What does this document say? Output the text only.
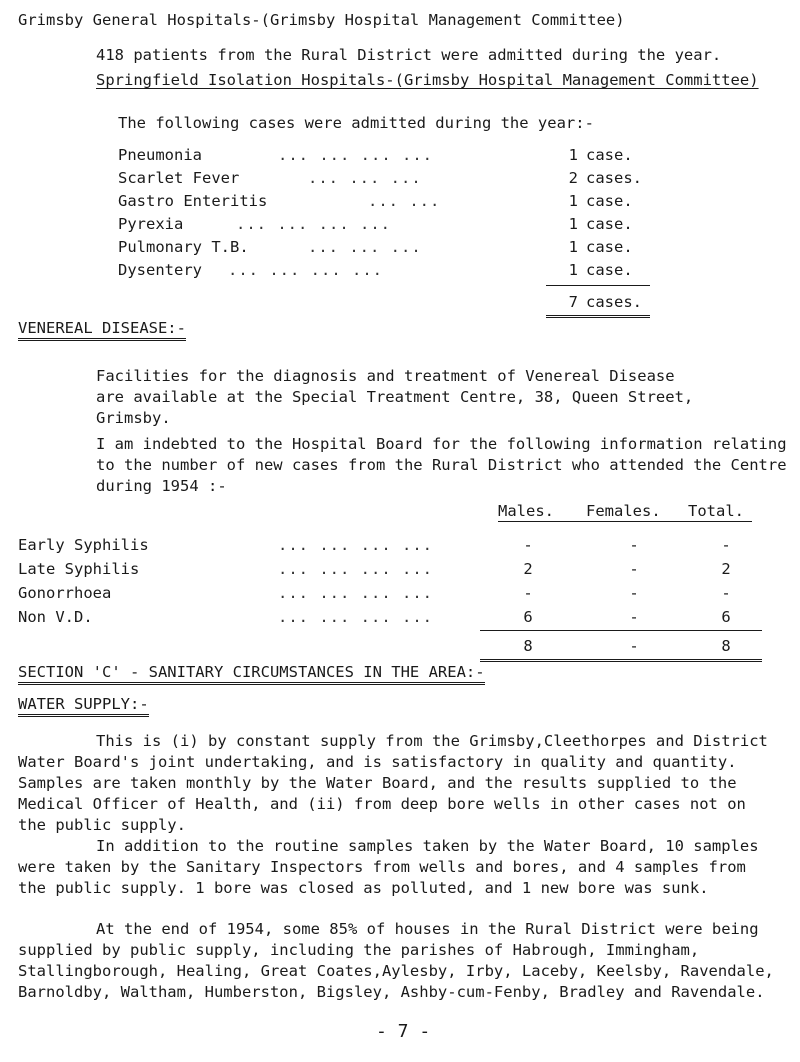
Grimsby General Hospitals-(Grimsby Hospital Management Committee)
418 patients from the Rural District were admitted during the year.
Springfield Isolation Hospitals-(Grimsby Hospital Management Committee)
The following cases were admitted during the year:-
Pneumonia	... ... ... ...	1 case.
Scarlet Fever	... ... ...	2 cases.
Gastro Enteritis	... ...	1 case.
Pyrexia	... ... ... ...	1 case.
Pulmonary T.B.	... ... ...	1 case.
Dysentery ... ... ... ...	1 case.
7 cases.
VENEREAL DISEASE:-
Facilities for the diagnosis and treatment of Venereal Disease are available at the Special Treatment Centre, 38, Queen Street, Grimsby.
I am indebted to the Hospital Board for the following information relating to the number of new cases from the Rural District who attended the Centre during 1954 :-
Males. Females. Total.
Early Syphilis	... ... ... ...	-	-	-
Late Syphilis	... ... ... ...	2	-	2
Gonorrhoea	... ... ... ...	-	-	-
Non V.D.	... ... ... ...	6	-	6
8	-	8
SECTION 'C' - SANITARY CIRCUMSTANCES IN THE AREA:-
WATER SUPPLY:-
This is (i) by constant supply from the Grimsby,Cleethorpes and District Water Board's joint undertaking, and is satisfactory in quality and quantity. Samples are taken monthly by the Water Board, and the results supplied to the Medical Officer of Health, and (ii) from deep bore wells in other cases not on the public supply.
In addition to the routine samples taken by the Water Board, 10 samples were taken by the Sanitary Inspectors from wells and bores, and 4 samples from the public supply. 1 bore was closed as polluted, and 1 new bore was sunk.
At the end of 1954, some 85% of houses in the Rural District were being supplied by public supply, including the parishes of Habrough, Immingham, Stallingborough, Healing, Great Coates,Aylesby, Irby, Laceby, Keelsby, Ravendale, Barnoldby, Waltham, Humberston, Bigsley, Ashby-cum-Fenby, Bradley and Ravendale.
- 7 -
